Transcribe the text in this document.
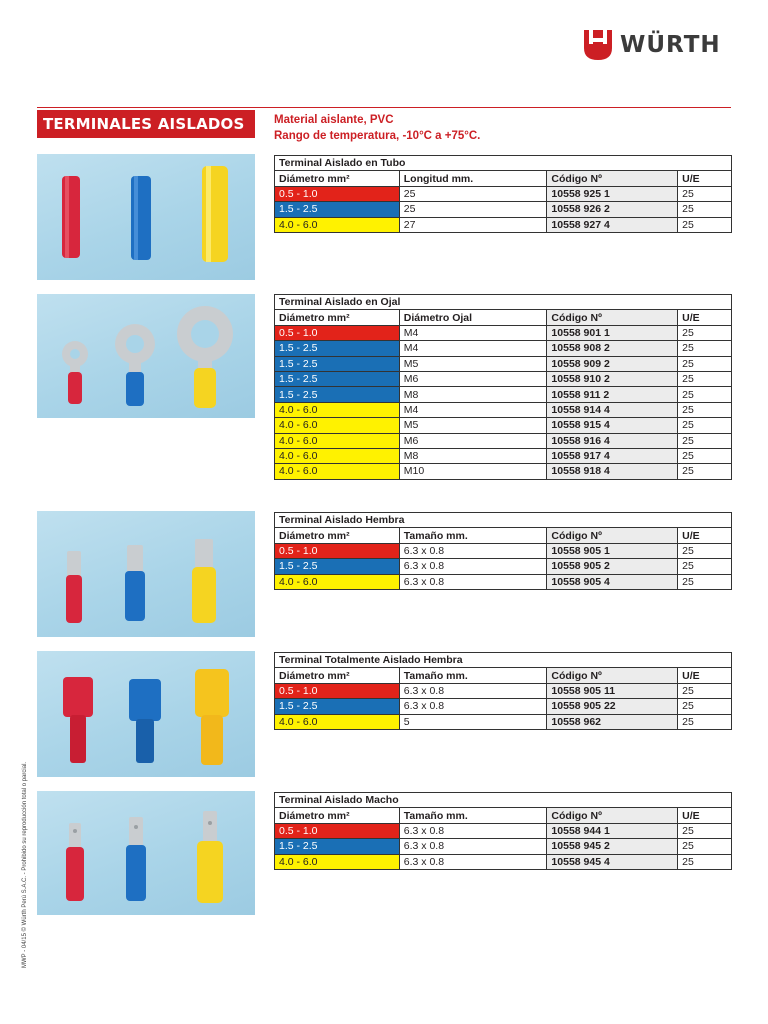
WÜRTH
TERMINALES AISLADOS	Material aislante, PVC
Rango de temperatura, -10°C a +75°C.
Terminal Aislado en Tubo			
Diámetro mm²	Longitud mm.	Código Nº	U/E
0.5 - 1.0	25	10558 925 1	25
1.5 - 2.5	25	10558 926 2	25
4.0 - 6.0	27	10558 927 4	25
Terminal Aislado en Ojal			
Diámetro mm²	Diámetro Ojal	Código Nº	U/E
0.5 - 1.0	M4	10558 901 1	25
1.5 - 2.5	M4	10558 908 2	25
1.5 - 2.5	M5	10558 909 2	25
1.5 - 2.5	M6	10558 910 2	25
1.5 - 2.5	M8	10558 911 2	25
4.0 - 6.0	M4	10558 914 4	25
4.0 - 6.0	M5	10558 915 4	25
4.0 - 6.0	M6	10558 916 4	25
4.0 - 6.0	M8	10558 917 4	25
4.0 - 6.0	M10	10558 918 4	25
Terminal Aislado Hembra			
Diámetro mm²	Tamaño mm.	Código Nº	U/E
0.5 - 1.0	6.3 x 0.8	10558 905 1	25
1.5 - 2.5	6.3 x 0.8	10558 905 2	25
4.0 - 6.0	6.3 x 0.8	10558 905 4	25
Terminal Totalmente Aislado Hembra			
Diámetro mm²	Tamaño mm.	Código Nº	U/E
0.5 - 1.0	6.3 x 0.8	10558 905 11	25
1.5 - 2.5	6.3 x 0.8	10558 905 22	25
4.0 - 6.0	5	10558 962	25
Terminal Aislado Macho			
Diámetro mm²	Tamaño mm.	Código Nº	U/E
0.5 - 1.0	6.3 x 0.8	10558 944 1	25
1.5 - 2.5	6.3 x 0.8	10558 945 2	25
4.0 - 6.0	6.3 x 0.8	10558 945 4	25
MWP - 04/15 © Würth Perú S.A.C. - Prohibido su reproducción total o parcial.
